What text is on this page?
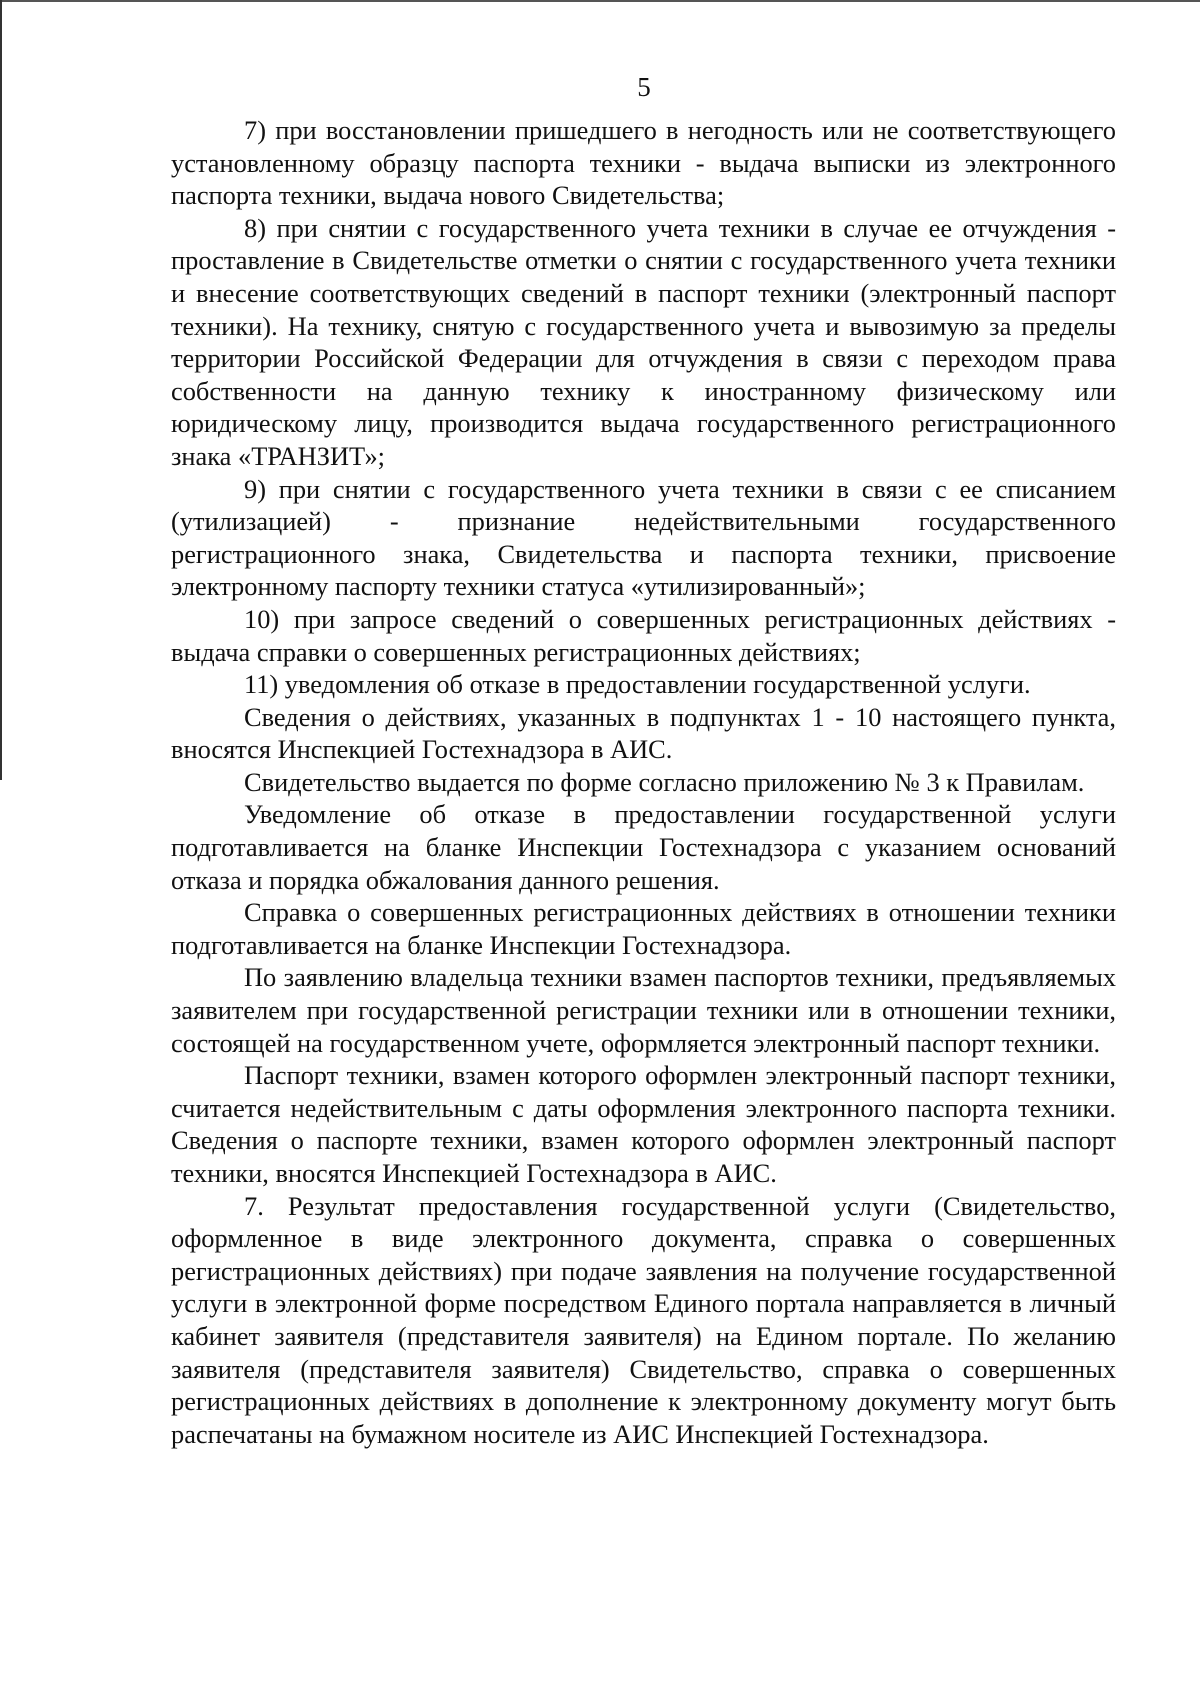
5

7) при восстановлении пришедшего в негодность или не соответствующего установленному образцу паспорта техники - выдача выписки из электронного паспорта техники, выдача нового Свидетельства;

8) при снятии с государственного учета техники в случае ее отчуждения - проставление в Свидетельстве отметки о снятии с государственного учета техники и внесение соответствующих сведений в паспорт техники (электронный паспорт техники). На технику, снятую с государственного учета и вывозимую за пределы территории Российской Федерации для отчуждения в связи с переходом права собственности на данную технику к иностранному физическому или юридическому лицу, производится выдача государственного регистрационного знака «ТРАНЗИТ»;

9) при снятии с государственного учета техники в связи с ее списанием (утилизацией) - признание недействительными государственного регистрационного знака, Свидетельства и паспорта техники, присвоение электронному паспорту техники статуса «утилизированный»;

10) при запросе сведений о совершенных регистрационных действиях - выдача справки о совершенных регистрационных действиях;

11) уведомления об отказе в предоставлении государственной услуги.

Сведения о действиях, указанных в подпунктах 1 - 10 настоящего пункта, вносятся Инспекцией Гостехнадзора в АИС.

Свидетельство выдается по форме согласно приложению № 3 к Правилам.

Уведомление об отказе в предоставлении государственной услуги подготавливается на бланке Инспекции Гостехнадзора с указанием оснований отказа и порядка обжалования данного решения.

Справка о совершенных регистрационных действиях в отношении техники подготавливается на бланке Инспекции Гостехнадзора.

По заявлению владельца техники взамен паспортов техники, предъявляемых заявителем при государственной регистрации техники или в отношении техники, состоящей на государственном учете, оформляется электронный паспорт техники.

Паспорт техники, взамен которого оформлен электронный паспорт техники, считается недействительным с даты оформления электронного паспорта техники. Сведения о паспорте техники, взамен которого оформлен электронный паспорт техники, вносятся Инспекцией Гостехнадзора в АИС.

7. Результат предоставления государственной услуги (Свидетельство, оформленное в виде электронного документа, справка о совершенных регистрационных действиях) при подаче заявления на получение государственной услуги в электронной форме посредством Единого портала направляется в личный кабинет заявителя (представителя заявителя) на Едином портале. По желанию заявителя (представителя заявителя) Свидетельство, справка о совершенных регистрационных действиях в дополнение к электронному документу могут быть распечатаны на бумажном носителе из АИС Инспекцией Гостехнадзора.
